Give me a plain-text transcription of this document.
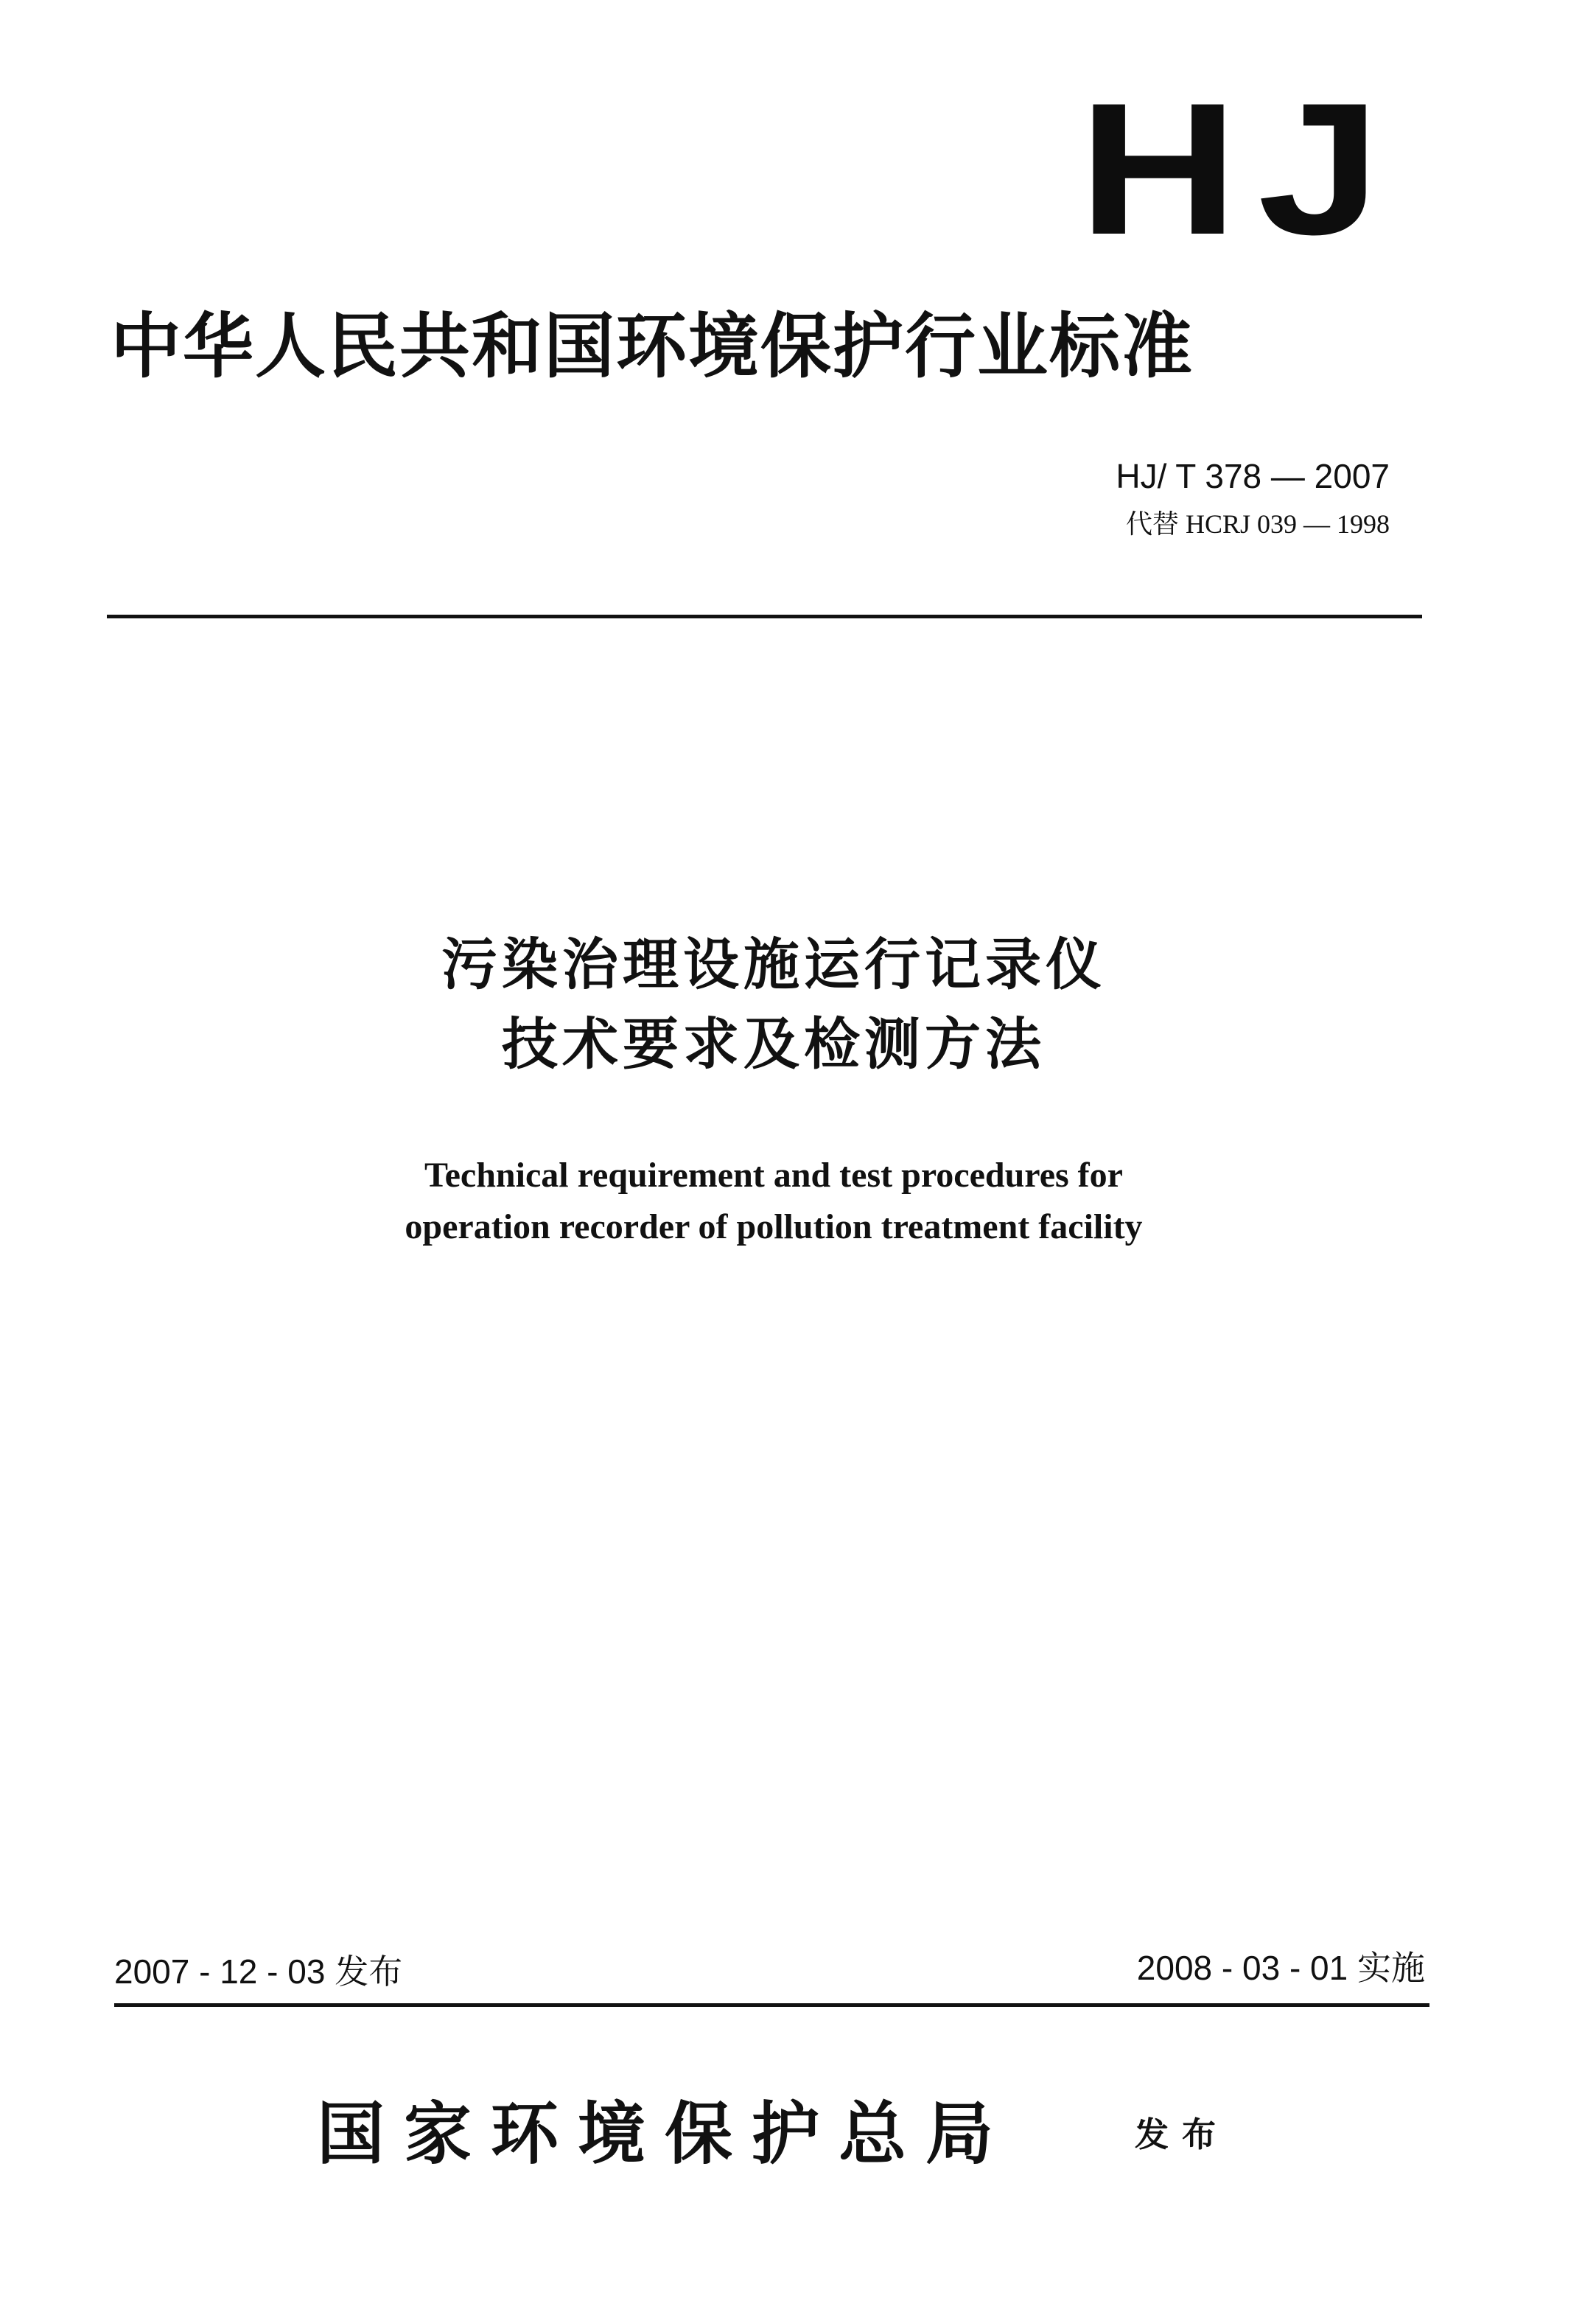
HJ
中华人民共和国环境保护行业标准
HJ/ T 378 — 2007
代替 HCRJ 039 — 1998
污染治理设施运行记录仪
技术要求及检测方法
Technical requirement and test procedures for
operation recorder of pollution treatment facility
2007 - 12 - 03 发布	2008 - 03 - 01 实施
国家环境保护总局	发布
